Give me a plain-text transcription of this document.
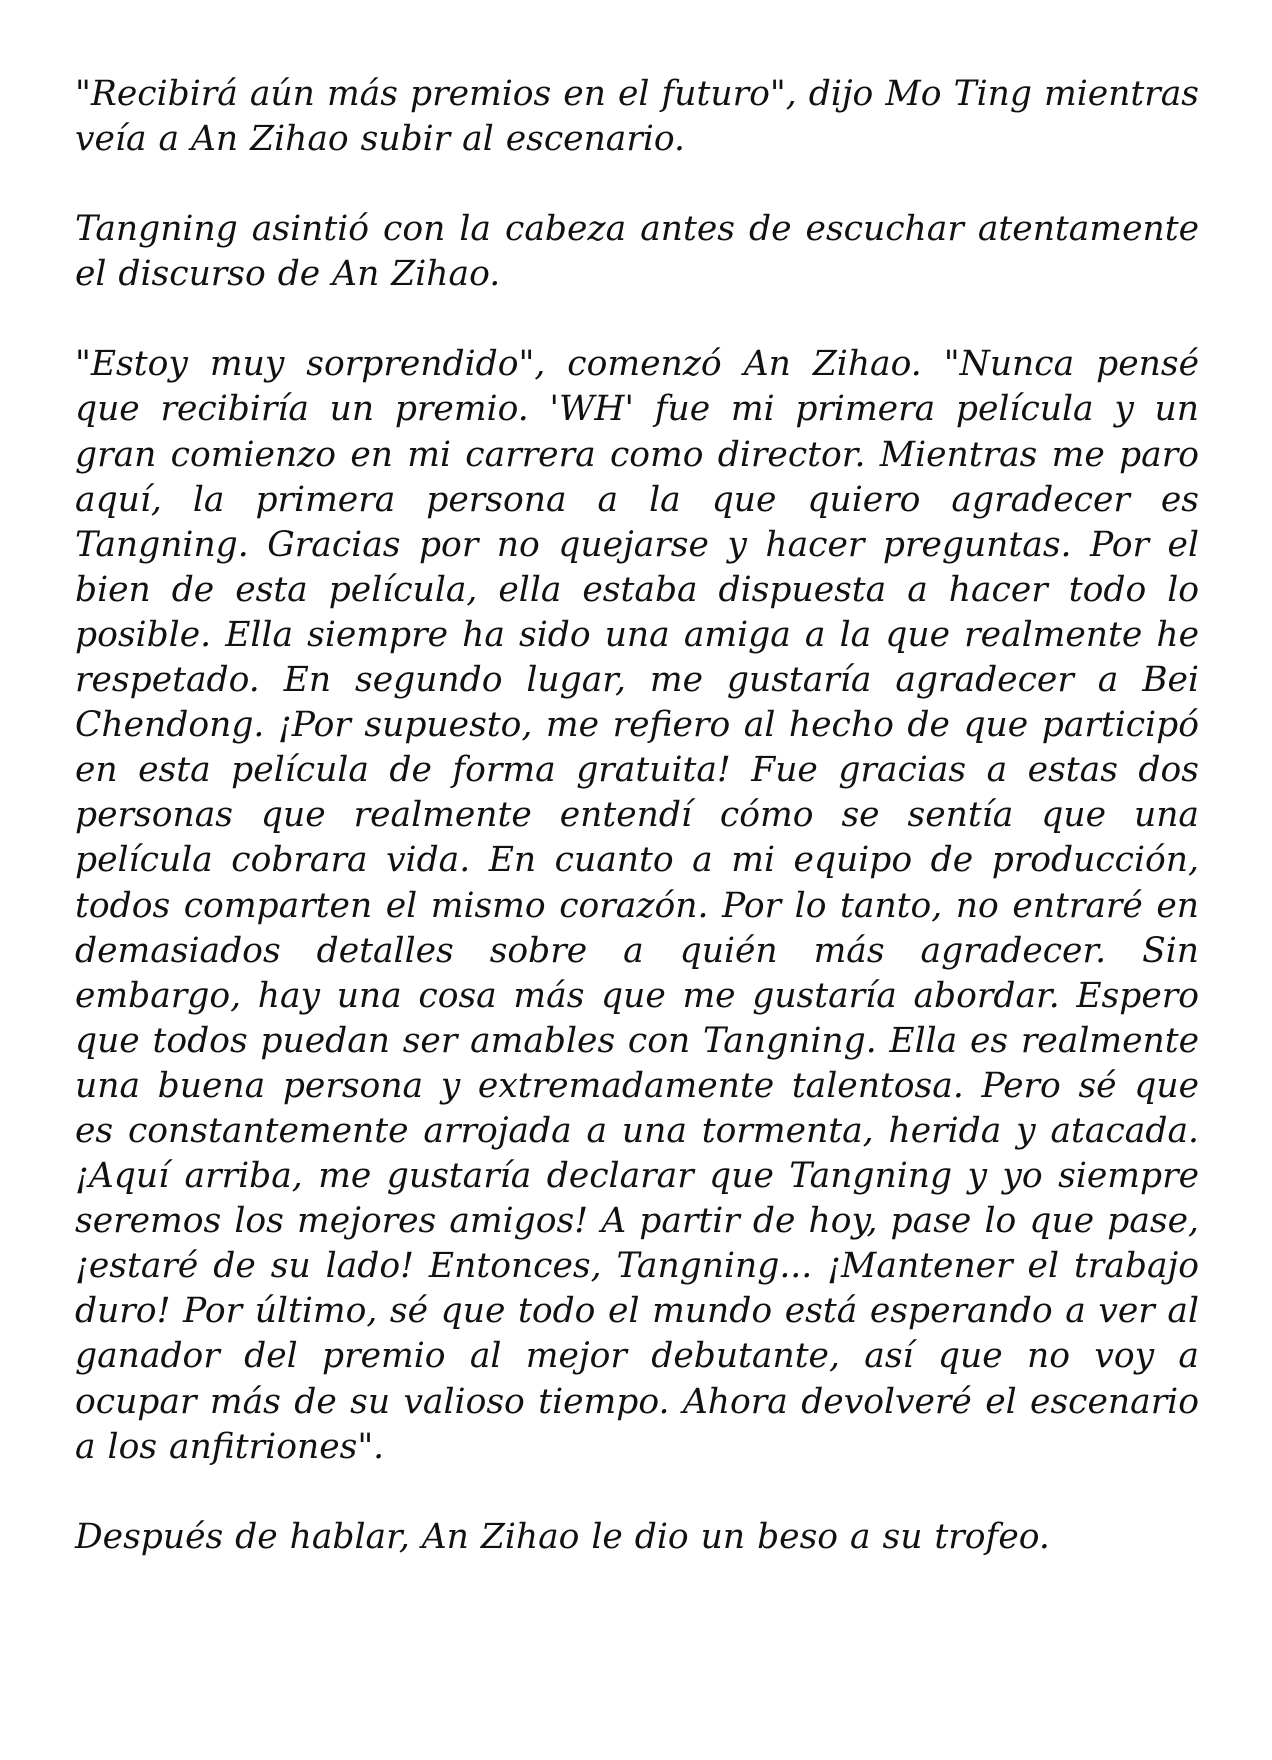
"Recibirá aún más premios en el futuro", dijo Mo Ting mientras veía a An Zihao subir al escenario.

Tangning asintió con la cabeza antes de escuchar atentamente el discurso de An Zihao.

"Estoy muy sorprendido", comenzó An Zihao. "Nunca pensé que recibiría un premio. 'WH' fue mi primera película y un gran comienzo en mi carrera como director. Mientras me paro aquí, la primera persona a la que quiero agradecer es Tangning. Gracias por no quejarse y hacer preguntas. Por el bien de esta película, ella estaba dispuesta a hacer todo lo posible. Ella siempre ha sido una amiga a la que realmente he respetado. En segundo lugar, me gustaría agradecer a Bei Chendong. ¡Por supuesto, me refiero al hecho de que participó en esta película de forma gratuita! Fue gracias a estas dos personas que realmente entendí cómo se sentía que una película cobrara vida. En cuanto a mi equipo de producción, todos comparten el mismo corazón. Por lo tanto, no entraré en demasiados detalles sobre a quién más agradecer. Sin embargo, hay una cosa más que me gustaría abordar. Espero que todos puedan ser amables con Tangning. Ella es realmente una buena persona y extremadamente talentosa. Pero sé que es constantemente arrojada a una tormenta, herida y atacada. ¡Aquí arriba, me gustaría declarar que Tangning y yo siempre seremos los mejores amigos! A partir de hoy, pase lo que pase, ¡estaré de su lado! Entonces, Tangning... ¡Mantener el trabajo duro! Por último, sé que todo el mundo está esperando a ver al ganador del premio al mejor debutante, así que no voy a ocupar más de su valioso tiempo. Ahora devolveré el escenario a los anfitriones".

Después de hablar, An Zihao le dio un beso a su trofeo.
